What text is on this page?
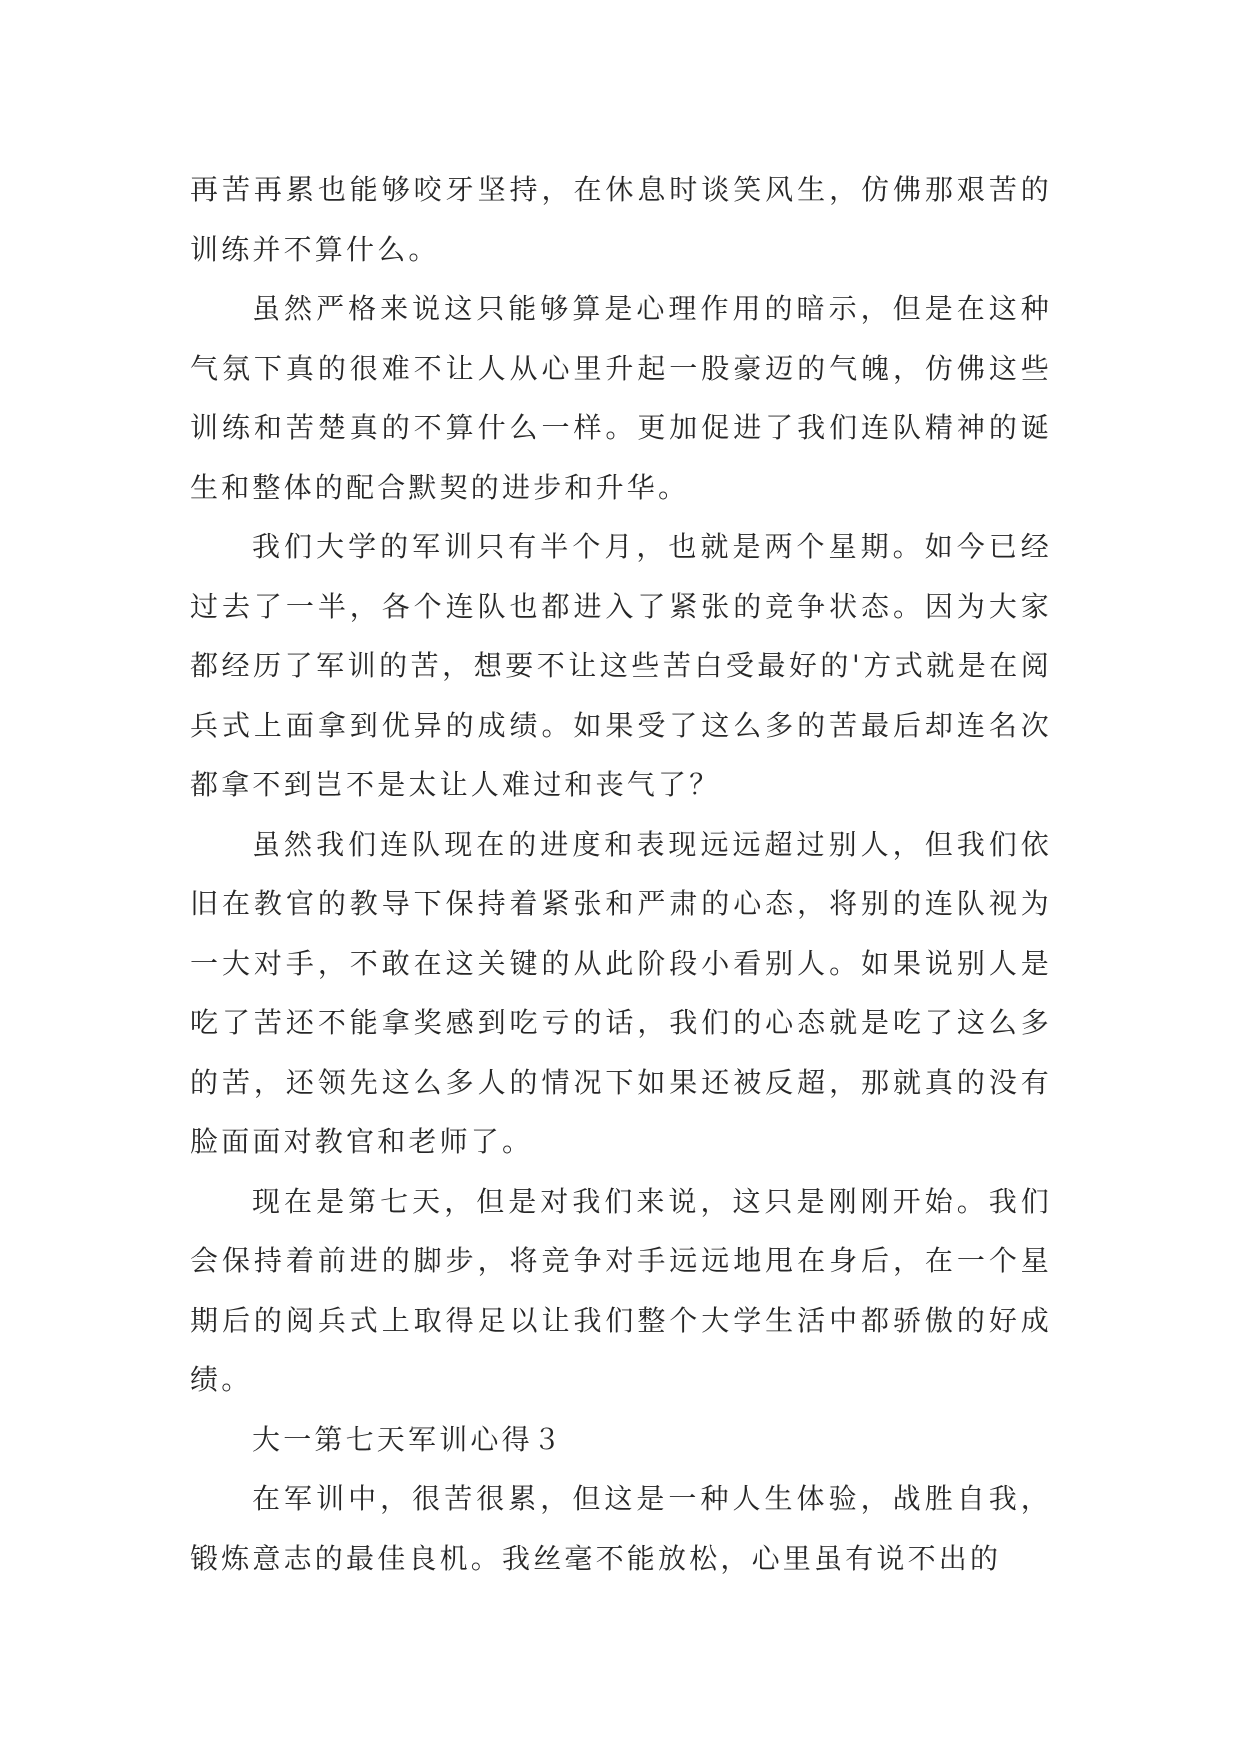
再苦再累也能够咬牙坚持，在休息时谈笑风生，仿佛那艰苦的训练并不算什么。

虽然严格来说这只能够算是心理作用的暗示，但是在这种气氛下真的很难不让人从心里升起一股豪迈的气魄，仿佛这些训练和苦楚真的不算什么一样。更加促进了我们连队精神的诞生和整体的配合默契的进步和升华。

我们大学的军训只有半个月，也就是两个星期。如今已经过去了一半，各个连队也都进入了紧张的竞争状态。因为大家都经历了军训的苦，想要不让这些苦白受最好的'方式就是在阅兵式上面拿到优异的成绩。如果受了这么多的苦最后却连名次都拿不到岂不是太让人难过和丧气了？

虽然我们连队现在的进度和表现远远超过别人，但我们依旧在教官的教导下保持着紧张和严肃的心态，将别的连队视为一大对手，不敢在这关键的从此阶段小看别人。如果说别人是吃了苦还不能拿奖感到吃亏的话，我们的心态就是吃了这么多的苦，还领先这么多人的情况下如果还被反超，那就真的没有脸面面对教官和老师了。

现在是第七天，但是对我们来说，这只是刚刚开始。我们会保持着前进的脚步，将竞争对手远远地甩在身后，在一个星期后的阅兵式上取得足以让我们整个大学生活中都骄傲的好成绩。

大一第七天军训心得３

在军训中，很苦很累，但这是一种人生体验，战胜自我，锻炼意志的最佳良机。我丝毫不能放松，心里虽有说不出的
